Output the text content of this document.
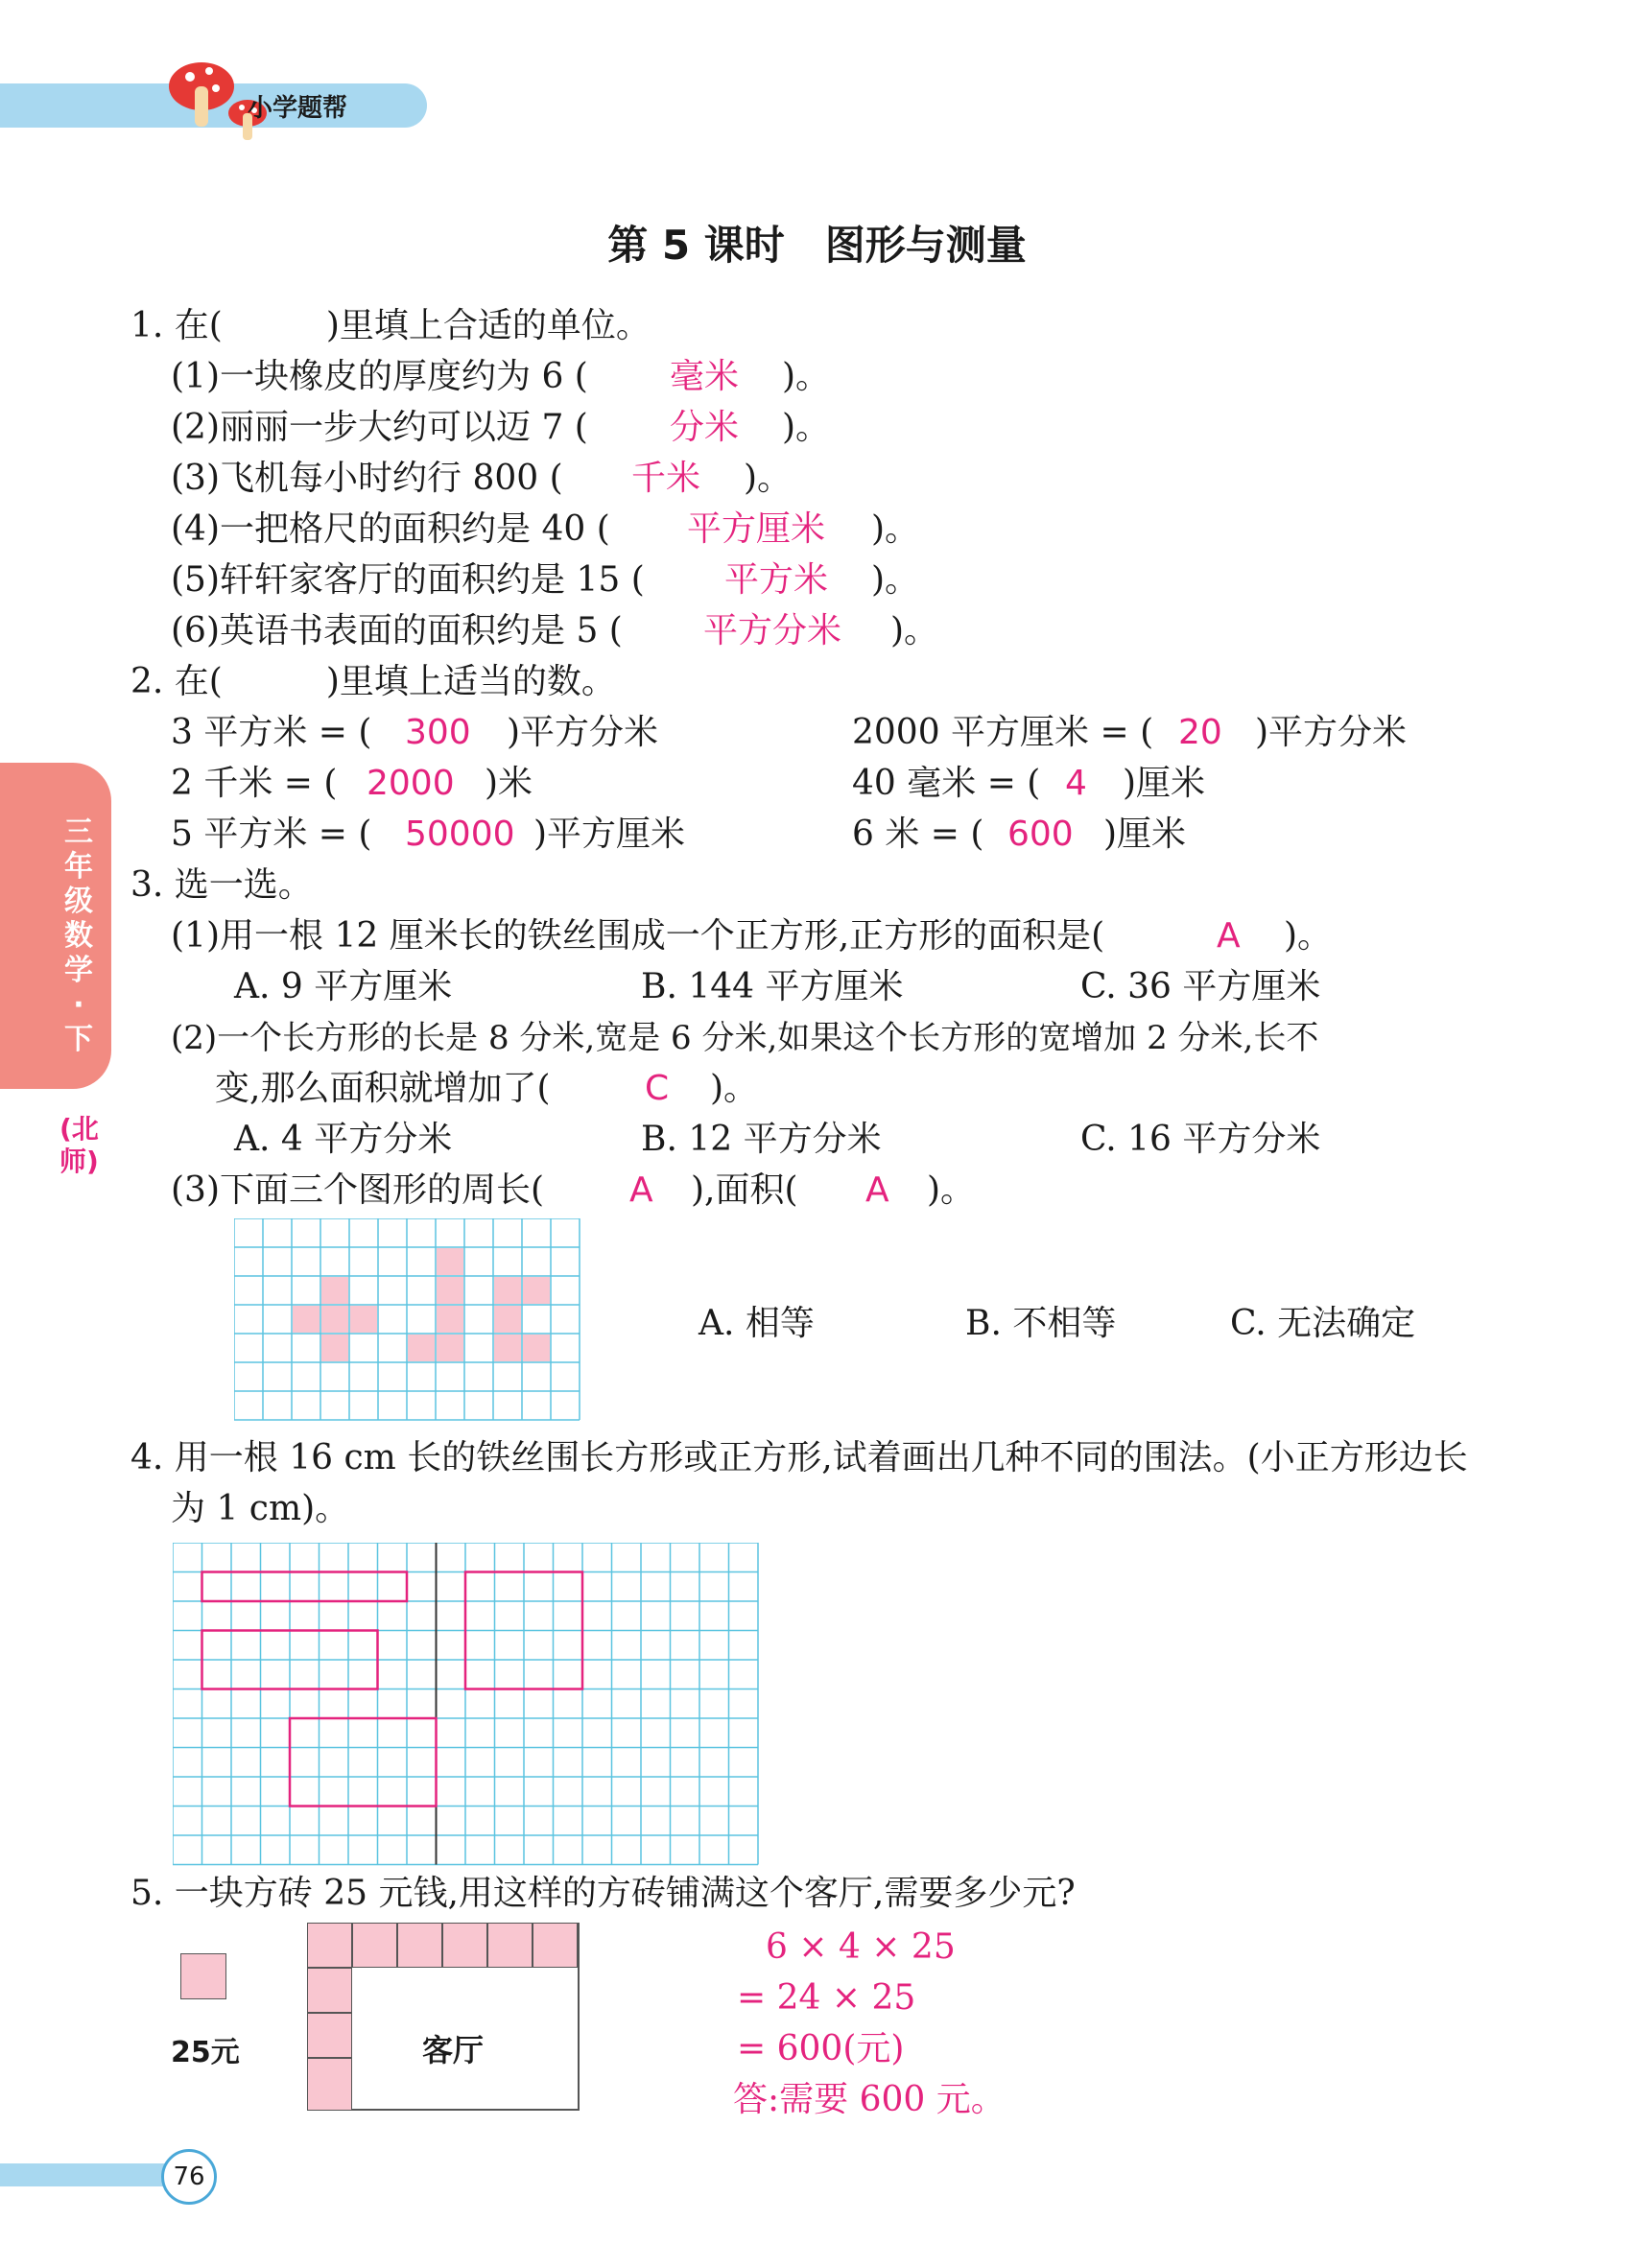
小学题帮
第 5 课时　图形与测量
三年级数学·下
(北师)
1. 在(　　　)里填上合适的单位。
(1)一块橡皮的厚度约为 6 ( 毫米 )。
(2)丽丽一步大约可以迈 7 ( 分米 )。
(3)飞机每小时约行 800 ( 千米 )。
(4)一把格尺的面积约是 40 ( 平方厘米 )。
(5)轩轩家客厅的面积约是 15 ( 平方米 )。
(6)英语书表面的面积约是 5 ( 平方分米 )。
2. 在(　　　)里填上适当的数。
3 平方米 = ( 300 )平方分米	2000 平方厘米 = ( 20 )平方分米
2 千米 = ( 2000 )米	40 毫米 = ( 4 )厘米
5 平方米 = ( 50000 )平方厘米	6 米 = ( 600 )厘米
3. 选一选。
(1)用一根 12 厘米长的铁丝围成一个正方形,正方形的面积是(	A )。
A. 9 平方厘米	B. 144 平方厘米	C. 36 平方厘米
(2)一个长方形的长是 8 分米,宽是 6 分米,如果这个长方形的宽增加 2 分米,长不
变,那么面积就增加了(	C )。
A. 4 平方分米	B. 12 平方分米	C. 16 平方分米
(3)下面三个图形的周长( A ),面积( A )。
A. 相等	B. 不相等	C. 无法确定
4. 用一根 16 cm 长的铁丝围长方形或正方形,试着画出几种不同的围法。(小正方形边长
为 1 cm)。
5. 一块方砖 25 元钱,用这样的方砖铺满这个客厅,需要多少元?
25元	客厅
6 × 4 × 25
= 24 × 25
= 600(元)
答:需要 600 元。
76
